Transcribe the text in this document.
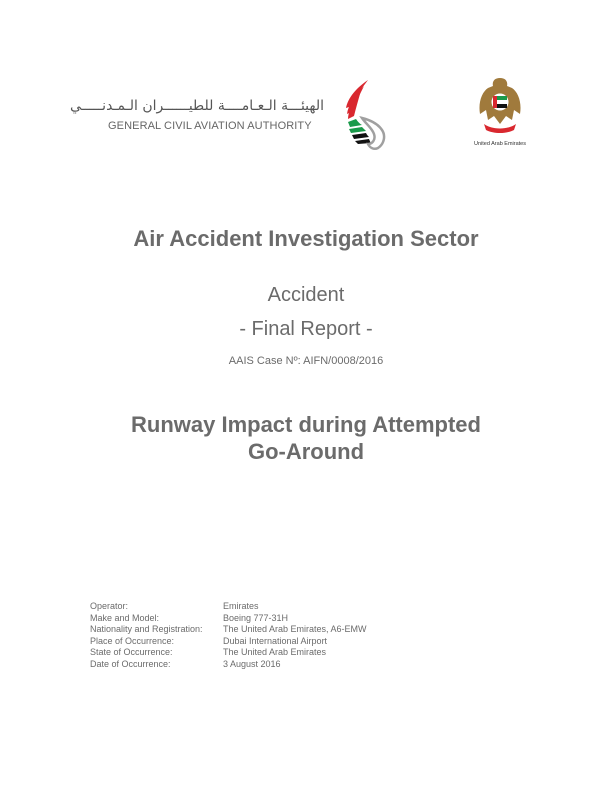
الهيئـــة الـعـامــــة للطيــــــران الـمـدنـــــي
GENERAL CIVIL AVIATION AUTHORITY
United Arab Emirates
Air Accident Investigation Sector
Accident
- Final Report -
AAIS Case Nº: AIFN/0008/2016
Runway Impact during Attempted
Go-Around
Operator:	Emirates
Make and Model:	Boeing 777-31H
Nationality and Registration:	The United Arab Emirates, A6-EMW
Place of Occurrence:	Dubai International Airport
State of Occurrence:	The United Arab Emirates
Date of Occurrence:	3 August 2016
